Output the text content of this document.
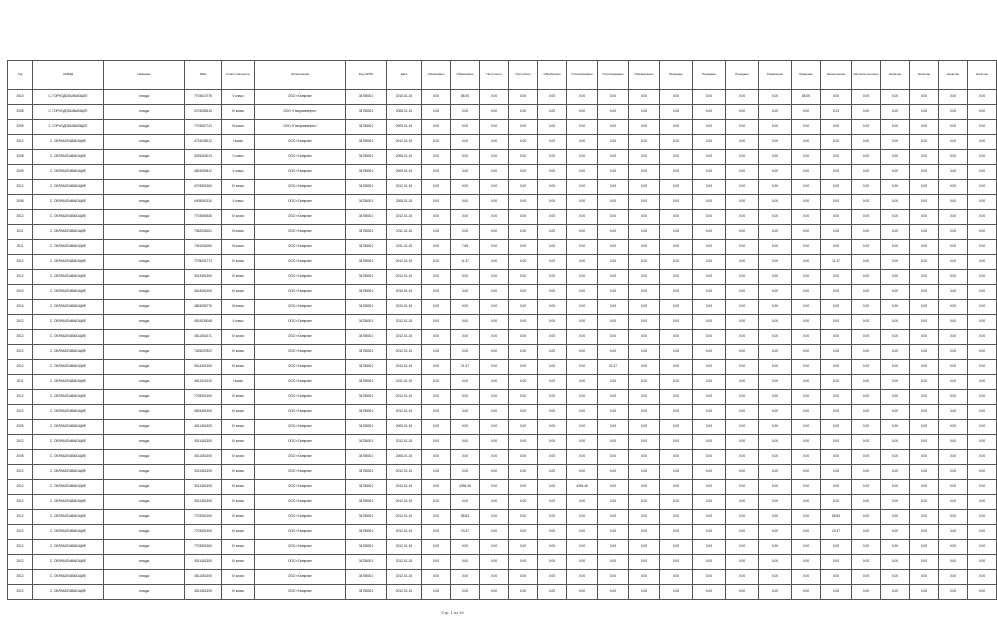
Год	ОКВЭД	Название	ИНН	Класс опасности	Организация	Код ОКПО	Дата	Образовано	Образовано	Поступило	Поступило	Обработано	Утилизировано	Утилизировано	Обезврежено	Передано	Передано	Передано	Размещено	Хранение	Захоронение	Наличие на конец	Наличие	Наличие	Наличие	Наличие
2010	С. ГОРНОДОБЫВАЮЩЕЕ	отходы	7704010776	V класс	ООО «Газпром»	34785001	2010-01-15	0.00	85.05	0.00	0.00	0.00	0.00	0.00	0.00	0.00	0.00	0.00	0.00	85.05	0.00	0.00	0.00	0.00	0.00	0.00
2008	С. ГОРНОДОБЫВАЮЩЕЕ	отходы	4703056315	IV класс	ООО «Газпромнефть»	34785001	2008-01-15	0.00	0.00	0.00	0.00	0.00	0.00	0.00	0.00	0.00	0.00	0.00	0.00	0.00	8.13	0.00	0.00	0.00	0.00	0.00
2009	С. ГОРНОДОБЫВАЮЩЕЕ	отходы	7703057741	III класс	ООО «Газпромнефть»	34785001	2009-01-15	0.00	0.00	0.00	0.00	0.00	0.00	0.00	0.00	0.00	0.00	0.00	0.00	0.00	0.00	0.00	0.00	0.00	0.00	0.00
2012	С. ОБРАБАТЫВАЮЩИЕ	отходы	4715035212	I класс	ООО «Газпром»	34785001	2012-01-15	0.00	0.00	0.00	0.00	0.00	0.00	0.00	0.00	0.00	0.00	0.00	0.00	0.00	0.00	0.00	0.00	0.00	0.00	0.00
2008	С. ОБРАБАТЫВАЮЩИЕ	отходы	3025403013	V класс	ООО «Газпром»	34785001	2008-01-15	0.00	0.00	0.00	0.00	0.00	0.00	0.00	0.00	0.00	0.00	0.00	0.00	0.00	0.00	0.00	0.00	0.00	0.00	0.00
2009	С. ОБРАБАТЫВАЮЩИЕ	отходы	4823053512	V класс	ООО «Газпром»	34785001	2009-01-15	0.00	0.00	0.00	0.00	0.00	0.00	0.00	0.00	0.00	0.00	0.00	0.00	0.00	0.00	0.00	0.00	0.00	0.00	0.00
2012	С. ОБРАБАТЫВАЮЩИЕ	отходы	4703051305	IV класс	ООО «Газпром»	34785001	2012-01-15	0.00	0.00	0.00	0.00	0.00	0.00	0.00	0.00	0.00	0.00	0.00	0.00	0.00	0.00	0.00	0.00	0.00	0.00	0.00
2008	С. ОБРАБАТЫВАЮЩИЕ	отходы	4405051310	V класс	ООО «Газпром»	34785001	2008-01-15	0.00	0.00	0.00	0.00	0.00	0.00	0.00	0.00	0.00	0.00	0.00	0.00	0.00	0.00	0.00	0.00	0.00	0.00	0.00
2012	С. ОБРАБАТЫВАЮЩИЕ	отходы	7703055336	IV класс	ООО «Газпром»	34785001	2012-01-15	0.00	0.00	0.00	0.00	0.00	0.00	0.00	0.00	0.00	0.00	0.00	0.00	0.00	0.00	0.00	0.00	0.00	0.00	0.00
2011	С. ОБРАБАТЫВАЮЩИЕ	отходы	7452006151	III класс	ООО «Газпром»	34785001	2011-01-15	0.00	0.00	0.00	0.00	0.00	0.00	0.00	0.00	0.00	0.00	0.00	0.00	0.00	0.00	0.00	0.00	0.00	0.00	0.00
2011	С. ОБРАБАТЫВАЮЩИЕ	отходы	7451004056	III класс	ООО «Газпром»	34785001	2011-01-15	0.00	7.65	0.00	0.00	0.00	0.00	0.00	0.00	0.00	0.00	0.00	0.00	0.00	0.00	0.00	0.00	0.00	0.00	0.00
2012	С. ОБРАБАТЫВАЮЩИЕ	отходы	7705031774	IV класс	ООО «Газпром»	34785001	2012-01-15	0.00	11.37	0.00	0.00	0.00	0.00	0.00	0.00	0.00	0.00	0.00	0.00	0.00	11.37	0.00	0.00	0.00	0.00	0.00
2012	С. ОБРАБАТЫВАЮЩИЕ	отходы	3014451305	IV класс	ООО «Газпром»	34785001	2012-01-15	0.00	0.00	0.00	0.00	0.00	0.00	0.00	0.00	0.00	0.00	0.00	0.00	0.00	0.00	0.00	0.00	0.00	0.00	0.00
2010	С. ОБРАБАТЫВАЮЩИЕ	отходы	4614051305	IV класс	ООО «Газпром»	34785001	2010-01-15	0.00	0.00	0.00	0.00	0.00	0.00	0.00	0.00	0.00	0.00	0.00	0.00	0.00	0.00	0.00	0.00	0.00	0.00	0.00
2010	С. ОБРАБАТЫВАЮЩИЕ	отходы	4803056776	III класс	ООО «Газпром»	34785001	2010-01-15	0.00	0.00	0.00	0.00	0.00	0.00	0.00	0.00	0.00	0.00	0.00	0.00	0.00	0.00	0.00	0.00	0.00	0.00	0.00
2012	С. ОБРАБАТЫВАЮЩИЕ	отходы	4519030048	V класс	ООО «Газпром»	34785001	2012-01-15	0.00	0.00	0.00	0.00	0.00	0.00	0.00	0.00	0.00	0.00	0.00	0.00	0.00	0.00	0.00	0.00	0.00	0.00	0.00
2012	С. ОБРАБАТЫВАЮЩИЕ	отходы	4511051571	IV класс	ООО «Газпром»	34785001	2012-01-15	0.00	0.00	0.00	0.00	0.00	0.00	0.00	0.00	0.00	0.00	0.00	0.00	0.00	0.00	0.00	0.00	0.00	0.00	0.00
2012	С. ОБРАБАТЫВАЮЩИЕ	отходы	7405037820	IV класс	ООО «Газпром»	34785001	2012-01-15	0.00	0.00	0.00	0.00	0.00	0.00	0.00	0.00	0.00	0.00	0.00	0.00	0.00	0.00	0.00	0.00	0.00	0.00	0.00
2012	С. ОБРАБАТЫВАЮЩИЕ	отходы	3014451305	IV класс	ООО «Газпром»	34785001	2012-01-15	0.00	21.37	0.00	0.00	0.00	0.00	21.37	0.00	0.00	0.00	0.00	0.00	0.00	0.00	0.00	0.00	0.00	0.00	0.00
2011	С. ОБРАБАТЫВАЮЩИЕ	отходы	4611011015	I класс	ООО «Газпром»	34785001	2011-01-15	0.00	0.00	0.00	0.00	0.00	0.00	0.00	0.00	0.00	0.00	0.00	0.00	0.00	0.00	0.00	0.00	0.00	0.00	0.00
2012	С. ОБРАБАТЫВАЮЩИЕ	отходы	7705051305	IV класс	ООО «Газпром»	34785001	2012-01-15	0.00	0.00	0.00	0.00	0.00	0.00	0.00	0.00	0.00	0.00	0.00	0.00	0.00	0.00	0.00	0.00	0.00	0.00	0.00
2012	С. ОБРАБАТЫВАЮЩИЕ	отходы	4503451305	IV класс	ООО «Газпром»	34785001	2012-01-15	0.00	0.00	0.00	0.00	0.00	0.00	0.00	0.00	0.00	0.00	0.00	0.00	0.00	0.00	0.00	0.00	0.00	0.00	0.00
2009	С. ОБРАБАТЫВАЮЩИЕ	отходы	4511451305	IV класс	ООО «Газпром»	34785001	2009-01-15	0.00	0.00	0.00	0.00	0.00	0.00	0.00	0.00	0.00	0.00	0.00	0.00	0.00	0.00	0.00	0.00	0.00	0.00	0.00
2012	С. ОБРАБАТЫВАЮЩИЕ	отходы	3011451305	IV класс	ООО «Газпром»	34785001	2012-01-15	0.00	0.00	0.00	0.00	0.00	0.00	0.00	0.00	0.00	0.00	0.00	0.00	0.00	0.00	0.00	0.00	0.00	0.00	0.00
2008	С. ОБРАБАТЫВАЮЩИЕ	отходы	3011451305	IV класс	ООО «Газпром»	34785001	2008-01-15	0.00	0.00	0.00	0.00	0.00	0.00	0.00	0.00	0.00	0.00	0.00	0.00	0.00	0.00	0.00	0.00	0.00	0.00	0.00
2012	С. ОБРАБАТЫВАЮЩИЕ	отходы	3011451305	IV класс	ООО «Газпром»	34785001	2012-01-15	0.00	0.00	0.00	0.00	0.00	0.00	0.00	0.00	0.00	0.00	0.00	0.00	0.00	0.00	0.00	0.00	0.00	0.00	0.00
2012	С. ОБРАБАТЫВАЮЩИЕ	отходы	3011451305	IV класс	ООО «Газпром»	34785001	2012-01-15	0.00	4394.45	0.00	0.00	0.00	4394.45	0.00	0.00	0.00	0.00	0.00	0.00	0.00	0.00	0.00	0.00	0.00	0.00	0.00
2012	С. ОБРАБАТЫВАЮЩИЕ	отходы	3011451305	IV класс	ООО «Газпром»	34785001	2012-01-15	0.00	0.00	0.00	0.00	0.00	0.00	0.00	0.00	0.00	0.00	0.00	0.00	0.00	0.00	0.00	0.00	0.00	0.00	0.00
2012	С. ОБРАБАТЫВАЮЩИЕ	отходы	7703051305	IV класс	ООО «Газпром»	34785001	2012-01-15	0.00	85.83	0.00	0.00	0.00	0.00	0.00	0.00	0.00	0.00	0.00	0.00	0.00	85.83	0.00	0.00	0.00	0.00	0.00
2012	С. ОБРАБАТЫВАЮЩИЕ	отходы	7703051305	IV класс	ООО «Газпром»	34785001	2012-01-15	0.00	23.37	0.00	0.00	0.00	0.00	0.00	0.00	0.00	0.00	0.00	0.00	0.00	23.37	0.00	0.00	0.00	0.00	0.00
2012	С. ОБРАБАТЫВАЮЩИЕ	отходы	7703051305	IV класс	ООО «Газпром»	34785001	2012-01-15	0.00	0.00	0.00	0.00	0.00	0.00	0.00	0.00	0.00	0.00	0.00	0.00	0.00	0.00	0.00	0.00	0.00	0.00	0.00
2012	С. ОБРАБАТЫВАЮЩИЕ	отходы	3011451305	IV класс	ООО «Газпром»	34785001	2012-01-15	0.00	0.00	0.00	0.00	0.00	0.00	0.00	0.00	0.00	0.00	0.00	0.00	0.00	0.00	0.00	0.00	0.00	0.00	0.00
2012	С. ОБРАБАТЫВАЮЩИЕ	отходы	4511451305	IV класс	ООО «Газпром»	34785001	2012-01-15	0.00	0.00	0.00	0.00	0.00	0.00	0.00	0.00	0.00	0.00	0.00	0.00	0.00	0.00	0.00	0.00	0.00	0.00	0.00
2012	С. ОБРАБАТЫВАЮЩИЕ	отходы	4511451305	IV класс	ООО «Газпром»	34785001	2012-01-15	0.00	0.00	0.00	0.00	0.00	0.00	0.00	0.00	0.00	0.00	0.00	0.00	0.00	0.00	0.00	0.00	0.00	0.00	0.00
Стр. 1 из 19
